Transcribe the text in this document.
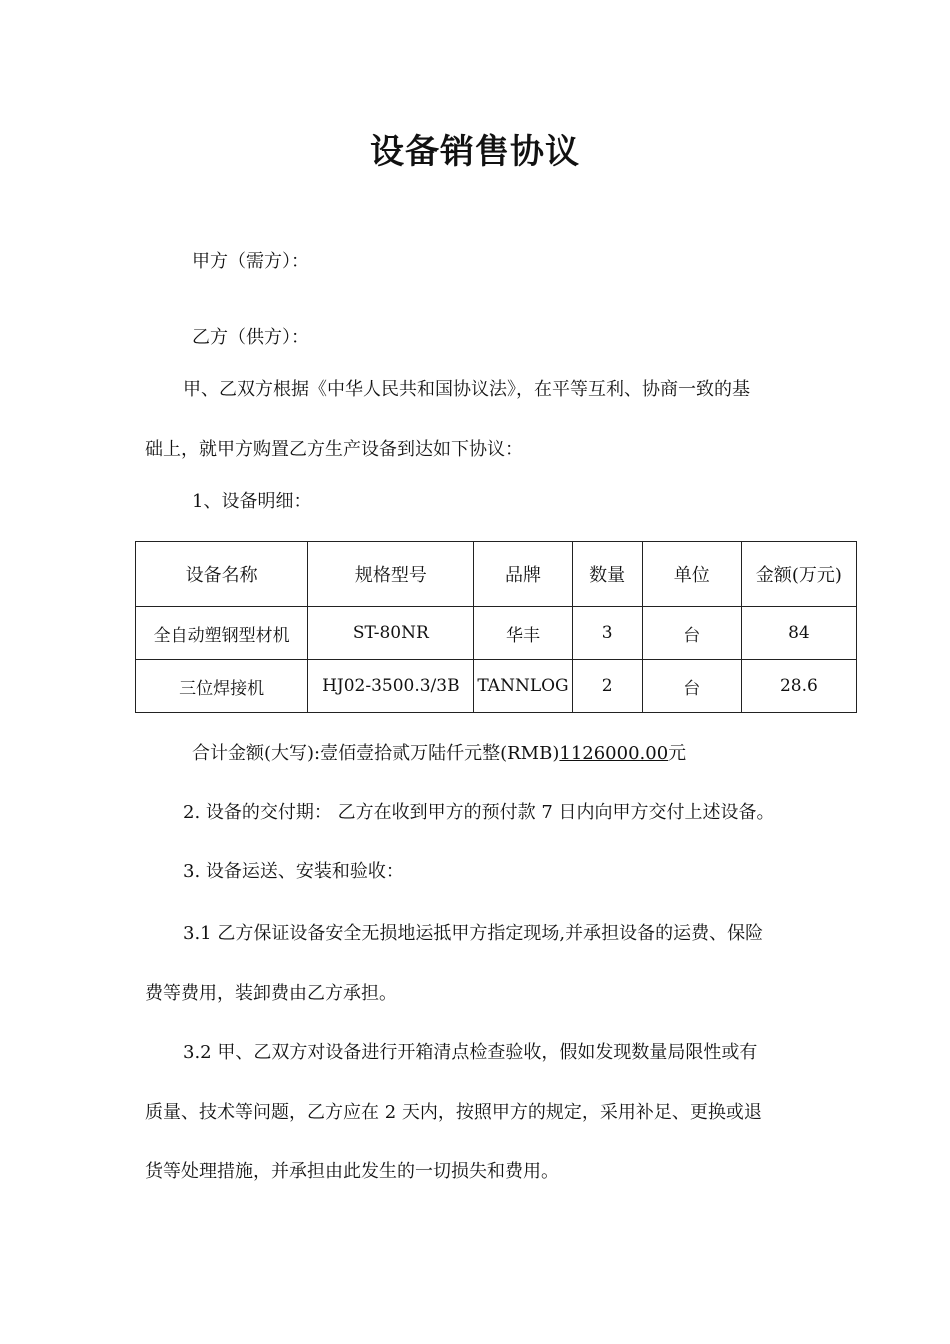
设备销售协议
甲方（需方）：
乙方（供方）：
甲、乙双方根据《中华人民共和国协议法》，在平等互利、协商一致的基
础上，就甲方购置乙方生产设备到达如下协议：
1、设备明细：
设备名称	规格型号	品牌	数量	单位	金额(万元)
全自动塑钢型材机	ST-80NR	华丰	3	台	84
三位焊接机	HJ02-3500.3/3B	TANNLOG	2	台	28.6
合计金额(大写):壹佰壹拾贰万陆仟元整(RMB)1126000.00元
2. 设备的交付期： 乙方在收到甲方的预付款 7 日内向甲方交付上述设备。
3. 设备运送、安装和验收：
3.1 乙方保证设备安全无损地运抵甲方指定现场,并承担设备的运费、保险
费等费用，装卸费由乙方承担。
3.2 甲、乙双方对设备进行开箱清点检查验收，假如发现数量局限性或有
质量、技术等问题，乙方应在 2 天内，按照甲方的规定，采用补足、更换或退
货等处理措施，并承担由此发生的一切损失和费用。
